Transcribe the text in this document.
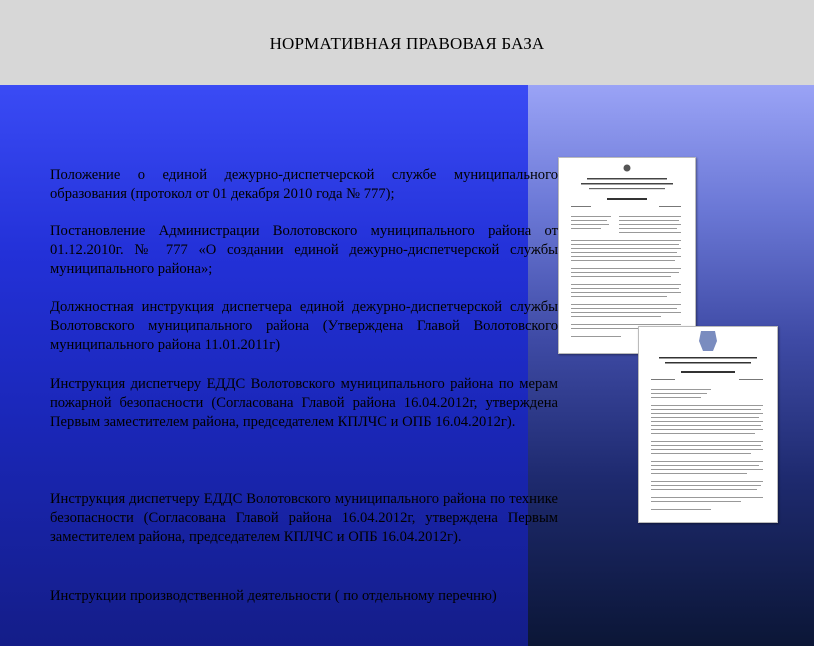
НОРМАТИВНАЯ ПРАВОВАЯ БАЗА
Положение о единой дежурно-диспетчерской службе муниципального образования (протокол от 01 декабря 2010 года № 777);
Постановление Администрации Волотовского муниципального района от 01.12.2010г. № 777 «О создании единой дежурно-диспетчерской службы муниципального района»;
Должностная инструкция диспетчера единой дежурно-диспетчерской службы Волотовского муниципального района (Утверждена Главой Волотовского муниципального района 11.01.2011г)
Инструкция диспетчеру ЕДДС Волотовского муниципального района по мерам пожарной безопасности (Согласована Главой района 16.04.2012г, утверждена Первым заместителем района, председателем КПЛЧС и ОПБ 16.04.2012г).
Инструкция диспетчеру ЕДДС Волотовского муниципального района по технике безопасности (Согласована Главой района 16.04.2012г, утверждена Первым заместителем района, председателем КПЛЧС и ОПБ 16.04.2012г).
Инструкции производственной деятельности ( по отдельному перечню)
